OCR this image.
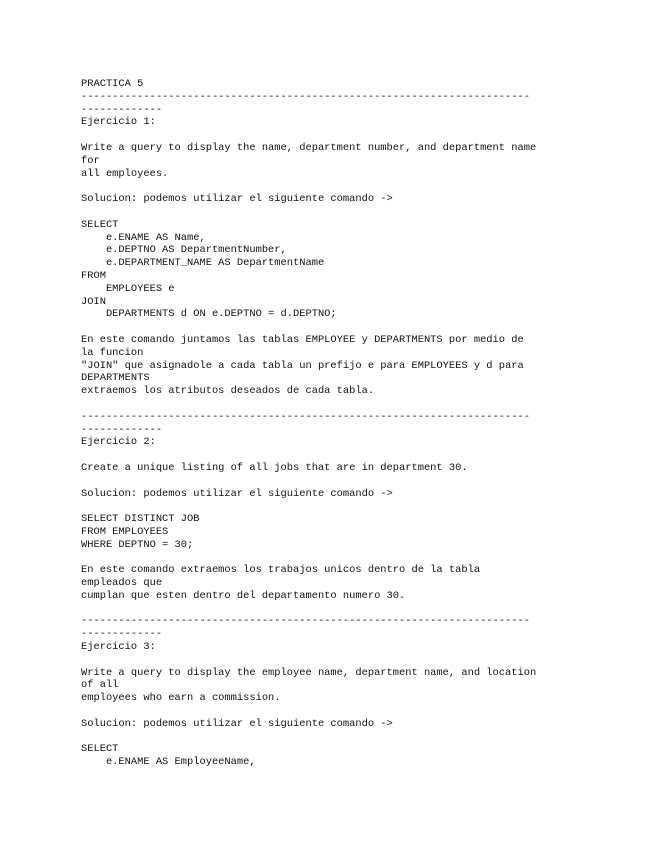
PRACTICA 5
------------------------------------------------------------------------
-------------
Ejercicio 1:
Write a query to display the name, department number, and department name
for
all employees.
Solucion: podemos utilizar el siguiente comando ->
SELECT
e.ENAME AS Name,
e.DEPTNO AS DepartmentNumber,
e.DEPARTMENT_NAME AS DepartmentName
FROM
EMPLOYEES e
JOIN
DEPARTMENTS d ON e.DEPTNO = d.DEPTNO;
En este comando juntamos las tablas EMPLOYEE y DEPARTMENTS por medio de
la funcion
"JOIN" que asignadole a cada tabla un prefijo e para EMPLOYEES y d para
DEPARTMENTS
extraemos los atributos deseados de cada tabla.
------------------------------------------------------------------------
-------------
Ejercicio 2:
Create a unique listing of all jobs that are in department 30.
Solucion: podemos utilizar el siguiente comando ->
SELECT DISTINCT JOB
FROM EMPLOYEES
WHERE DEPTNO = 30;
En este comando extraemos los trabajos unicos dentro de la tabla
empleados que
cumplan que esten dentro del departamento numero 30.
------------------------------------------------------------------------
-------------
Ejercicio 3:
Write a query to display the employee name, department name, and location
of all
employees who earn a commission.
Solucion: podemos utilizar el siguiente comando ->
SELECT
e.ENAME AS EmployeeName,
